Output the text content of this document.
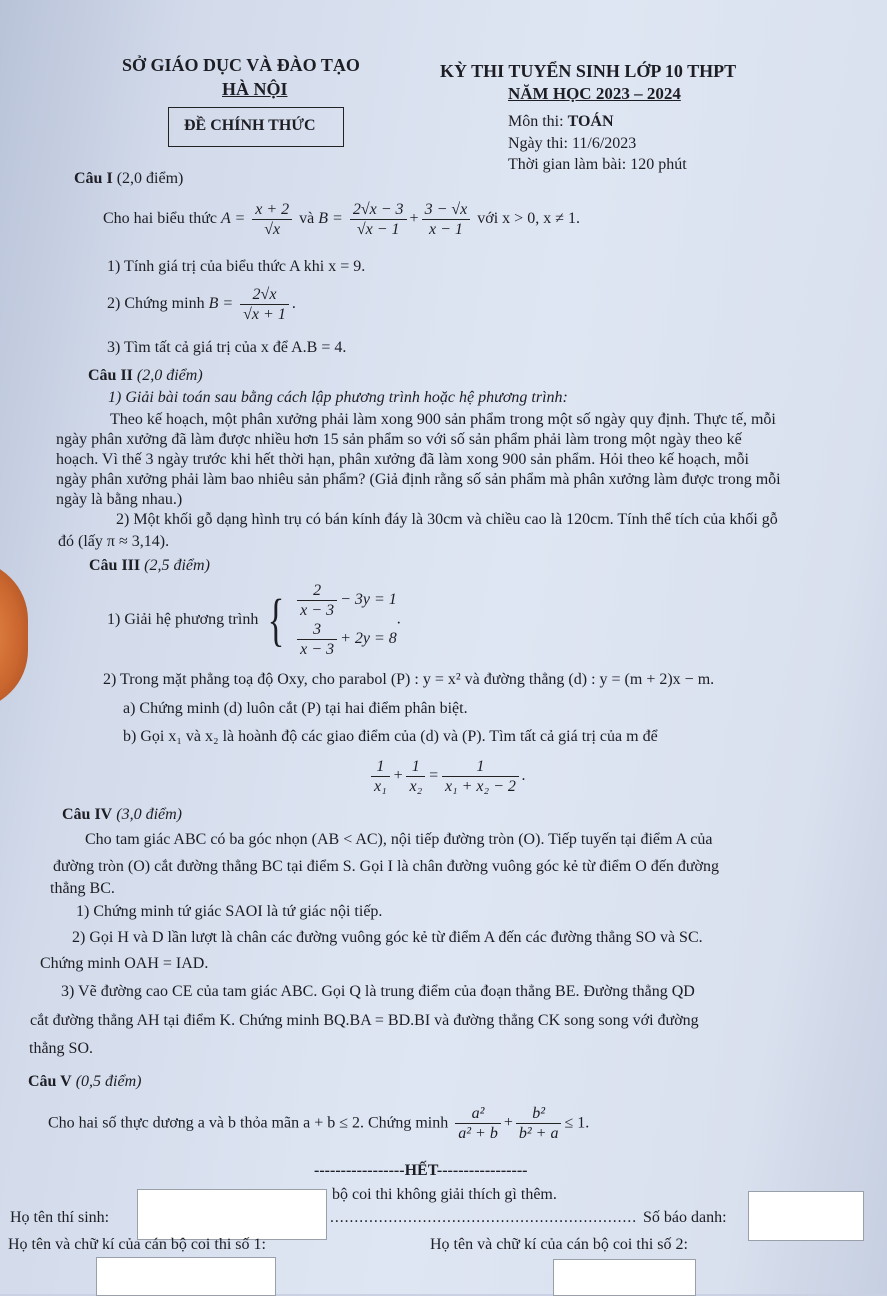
SỞ GIÁO DỤC VÀ ĐÀO TẠO
HÀ NỘI
KỲ THI TUYỂN SINH LỚP 10 THPT
NĂM HỌC 2023 – 2024
ĐỀ CHÍNH THỨC	Môn thi: TOÁN
Ngày thi: 11/6/2023
Thời gian làm bài: 120 phút
Câu I (2,0 điểm)
Cho hai biểu thức $A = \frac{x + 2}{√x}$ và $B = \frac{2√x - 3}{√x - 1} + \frac{3 - √x}{x - 1}$ với x > 0, x ≠ 1.
1) Tính giá trị của biểu thức A khi x = 9.
2) Chứng minh $B = \frac{2√x}{√x + 1}$ .
3) Tìm tất cả giá trị của x để A.B = 4.
Câu II (2,0 điểm)
1) Giải bài toán sau bằng cách lập phương trình hoặc hệ phương trình:
Theo kế hoạch, một phân xưởng phải làm xong 900 sản phẩm trong một số ngày quy định. Thực tế, mỗi
ngày phân xưởng đã làm được nhiều hơn 15 sản phẩm so với số sản phẩm phải làm trong một ngày theo kế
hoạch. Vì thế 3 ngày trước khi hết thời hạn, phân xưởng đã làm xong 900 sản phẩm. Hỏi theo kế hoạch, mỗi
ngày phân xưởng phải làm bao nhiêu sản phẩm? (Giả định rằng số sản phẩm mà phân xưởng làm được trong mỗi
ngày là bằng nhau.)
2) Một khối gỗ dạng hình trụ có bán kính đáy là 30cm và chiều cao là 120cm. Tính thể tích của khối gỗ
đó (lấy π ≈ 3,14).
Câu III (2,5 điểm)
1) Giải hệ phương trình { $\frac{2}{x - 3} - 3y = 1$
$\frac{3}{x - 3} + 2y = 8$
.
2) Trong mặt phẳng toạ độ Oxy, cho parabol (P) : y = x² và đường thẳng (d) : y = (m + 2)x − m.
a) Chứng minh (d) luôn cắt (P) tại hai điểm phân biệt.
b) Gọi x₁ và x₂ là hoành độ các giao điểm của (d) và (P). Tìm tất cả giá trị của m để
$\frac{1}{\text{x₁}} + \frac{1}{\text{x₂}} = \frac{1}{\text{x₁ + x₂ − 2}}$ .
Câu IV (3,0 điểm)
Cho tam giác ABC có ba góc nhọn (AB < AC), nội tiếp đường tròn (O). Tiếp tuyến tại điểm A của
đường tròn (O) cắt đường thẳng BC tại điểm S. Gọi I là chân đường vuông góc kẻ từ điểm O đến đường
thẳng BC.
1) Chứng minh tứ giác SAOI là tứ giác nội tiếp.
2) Gọi H và D lần lượt là chân các đường vuông góc kẻ từ điểm A đến các đường thẳng SO và SC.
Chứng minh OAH = IAD.
3) Vẽ đường cao CE của tam giác ABC. Gọi Q là trung điểm của đoạn thẳng BE. Đường thẳng QD
cắt đường thẳng AH tại điểm K. Chứng minh BQ.BA = BD.BI và đường thẳng CK song song với đường
thẳng SO.
Câu V (0,5 điểm)
Cho hai số thực dương a và b thỏa mãn a + b ≤ 2. Chứng minh $\frac{\text{a²}}{\text{a² + b}} + \frac{\text{b²}}{\text{b² + a}} \le 1$.
-----------------HẾT-----------------
bộ coi thi không giải thích gì thêm.
Họ tên thí sinh:	............................................................... Số báo danh:
Họ tên và chữ kí của cán bộ coi thi số 1:	Họ tên và chữ kí của cán bộ coi thi số 2:
